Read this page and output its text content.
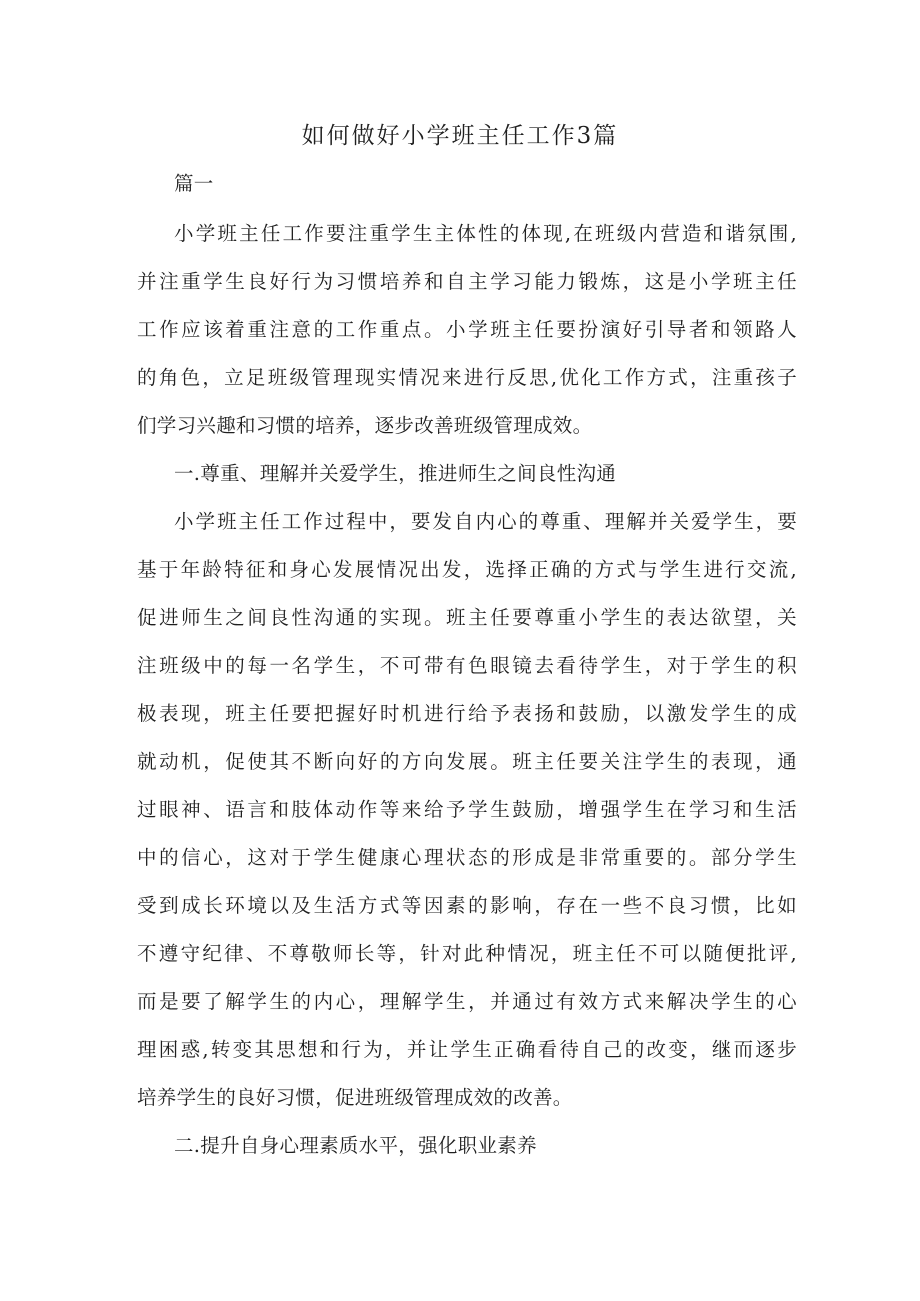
如何做好小学班主任工作3篇
篇一
小学班主任工作要注重学生主体性的体现,在班级内营造和谐氛围,
并注重学生良好行为习惯培养和自主学习能力锻炼，这是小学班主任
工作应该着重注意的工作重点。小学班主任要扮演好引导者和领路人
的角色，立足班级管理现实情况来进行反思,优化工作方式，注重孩子
们学习兴趣和习惯的培养，逐步改善班级管理成效。
一.尊重、理解并关爱学生，推进师生之间良性沟通
小学班主任工作过程中，要发自内心的尊重、理解并关爱学生，要
基于年龄特征和身心发展情况出发，选择正确的方式与学生进行交流,
促进师生之间良性沟通的实现。班主任要尊重小学生的表达欲望，关
注班级中的每一名学生，不可带有色眼镜去看待学生，对于学生的积
极表现，班主任要把握好时机进行给予表扬和鼓励，以激发学生的成
就动机，促使其不断向好的方向发展。班主任要关注学生的表现，通
过眼神、语言和肢体动作等来给予学生鼓励，增强学生在学习和生活
中的信心，这对于学生健康心理状态的形成是非常重要的。部分学生
受到成长环境以及生活方式等因素的影响，存在一些不良习惯，比如
不遵守纪律、不尊敬师长等，针对此种情况，班主任不可以随便批评,
而是要了解学生的内心，理解学生，并通过有效方式来解决学生的心
理困惑,转变其思想和行为，并让学生正确看待自己的改变，继而逐步
培养学生的良好习惯，促进班级管理成效的改善。
二.提升自身心理素质水平，强化职业素养
